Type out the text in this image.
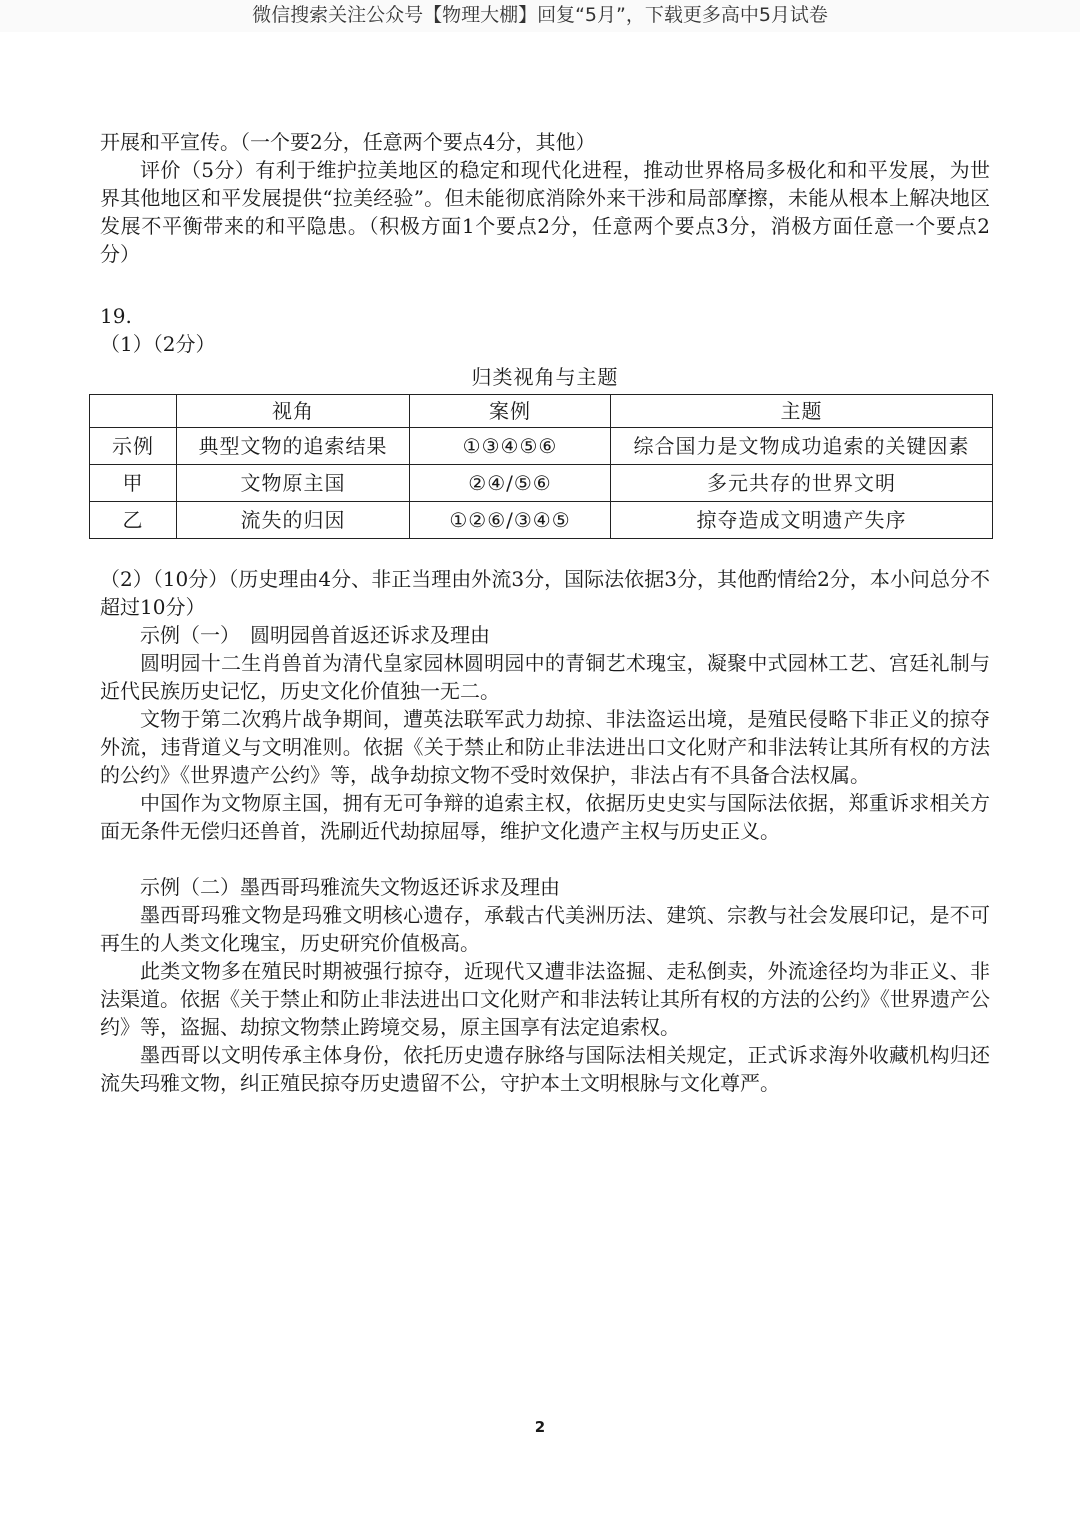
微信搜索关注公众号【物理大棚】回复“5月”，下载更多高中5月试卷

开展和平宣传。（一个要2分，任意两个要点4分，其他）

评价（5分）有利于维护拉美地区的稳定和现代化进程，推动世界格局多极化和和平发展，为世界其他地区和平发展提供“拉美经验”。但未能彻底消除外来干涉和局部摩擦，未能从根本上解决地区发展不平衡带来的和平隐患。（积极方面1个要点2分，任意两个要点3分，消极方面任意一个要点2分）

19.

（1）（2分）

归类视角与主题
	视角	案例	主题
示例	典型文物的追索结果	①③④⑤⑥	综合国力是文物成功追索的关键因素
甲	文物原主国	②④/⑤⑥	多元共存的世界文明
乙	流失的归因	①②⑥/③④⑤	掠夺造成文明遗产失序

（2）（10分）（历史理由4分、非正当理由外流3分，国际法依据3分，其他酌情给2分，本小问总分不超过10分）

示例（一）　圆明园兽首返还诉求及理由

圆明园十二生肖兽首为清代皇家园林圆明园中的青铜艺术瑰宝，凝聚中式园林工艺、宫廷礼制与近代民族历史记忆，历史文化价值独一无二。

文物于第二次鸦片战争期间，遭英法联军武力劫掠、非法盗运出境，是殖民侵略下非正义的掠夺外流，违背道义与文明准则。依据《关于禁止和防止非法进出口文化财产和非法转让其所有权的方法的公约》《世界遗产公约》等，战争劫掠文物不受时效保护，非法占有不具备合法权属。

中国作为文物原主国，拥有无可争辩的追索主权，依据历史史实与国际法依据，郑重诉求相关方面无条件无偿归还兽首，洗刷近代劫掠屈辱，维护文化遗产主权与历史正义。

示例（二）墨西哥玛雅流失文物返还诉求及理由

墨西哥玛雅文物是玛雅文明核心遗存，承载古代美洲历法、建筑、宗教与社会发展印记，是不可再生的人类文化瑰宝，历史研究价值极高。

此类文物多在殖民时期被强行掠夺，近现代又遭非法盗掘、走私倒卖，外流途径均为非正义、非法渠道。依据《关于禁止和防止非法进出口文化财产和非法转让其所有权的方法的公约》《世界遗产公约》等，盗掘、劫掠文物禁止跨境交易，原主国享有法定追索权。

墨西哥以文明传承主体身份，依托历史遗存脉络与国际法相关规定，正式诉求海外收藏机构归还流失玛雅文物，纠正殖民掠夺历史遗留不公，守护本土文明根脉与文化尊严。

2
